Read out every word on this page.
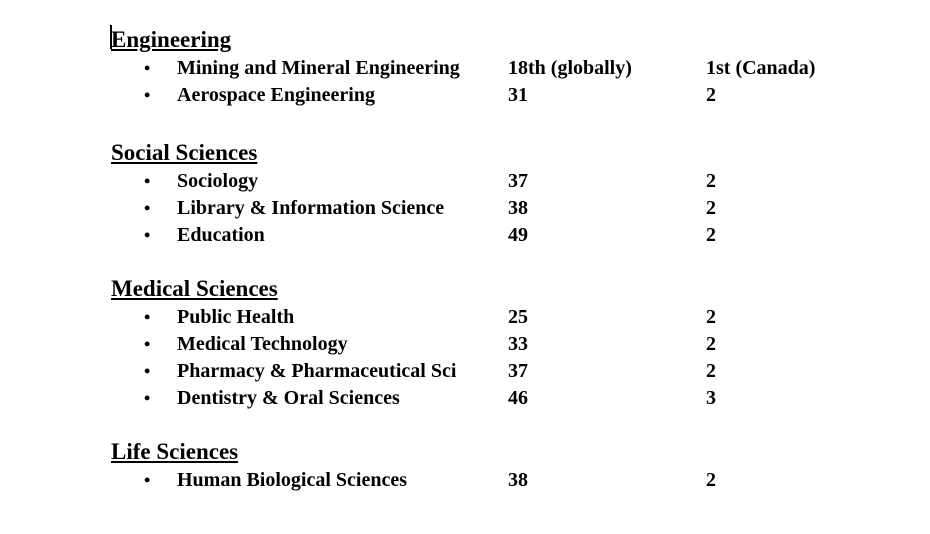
Engineering
• Mining and Mineral Engineering 18th (globally)	1st (Canada)
• Aerospace Engineering	31	2
Social Sciences
• Sociology	37	2
• Library & Information Science	38	2
• Education	49	2
Medical Sciences
• Public Health	25	2
• Medical Technology	33	2
• Pharmacy & Pharmaceutical Sci	37	2
• Dentistry & Oral Sciences	46	3
Life Sciences
• Human Biological Sciences	38	2
